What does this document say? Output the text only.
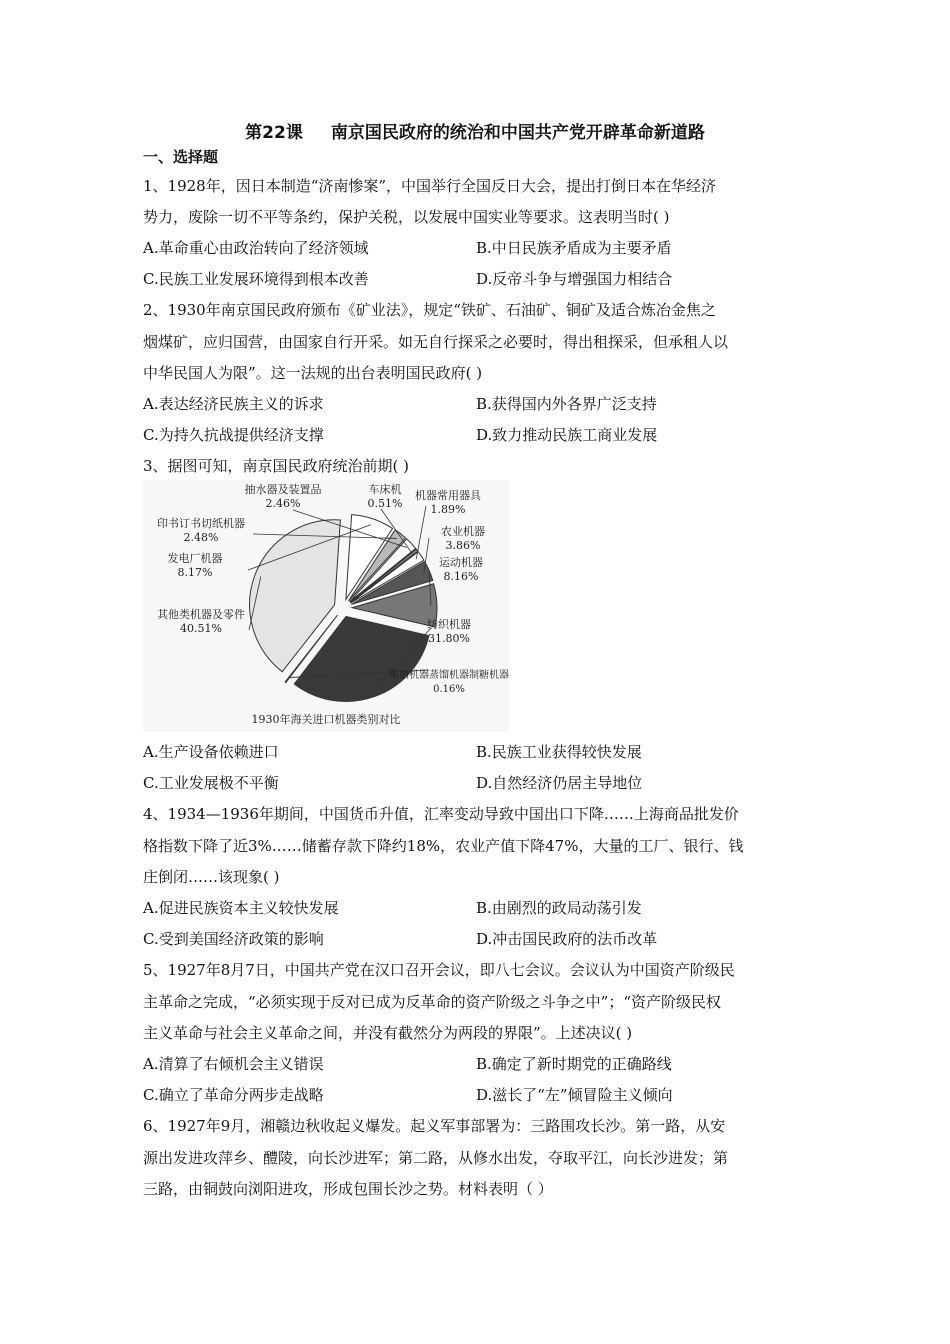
第22课 南京国民政府的统治和中国共产党开辟革命新道路
一、选择题
1、1928年，因日本制造“济南惨案”，中国举行全国反日大会，提出打倒日本在华经济
势力，废除一切不平等条约，保护关税，以发展中国实业等要求。这表明当时( )
A.革命重心由政治转向了经济领域	B.中日民族矛盾成为主要矛盾
C.民族工业发展环境得到根本改善	D.反帝斗争与增强国力相结合
2、1930年南京国民政府颁布《矿业法》，规定“铁矿、石油矿、铜矿及适合炼冶金焦之
烟煤矿，应归国营，由国家自行开采。如无自行探采之必要时，得出租探采，但承租人以
中华民国人为限”。这一法规的出台表明国民政府( )
A.表达经济民族主义的诉求	B.获得国内外各界广泛支持
C.为持久抗战提供经济支撑	D.致力推动民族工商业发展
3、据图可知，南京国民政府统治前期( )
纺织机器
31.80%
酿酒机器蒸馏机器制糖机器
0.16%
其他类机器及零件
40.51%
发电厂机器
8.17%
印书订书切纸机器
2.48%
抽水器及装置品
2.46%
车床机
0.51%
机器常用器具
1.89%
农业机器
3.86%
运动机器
8.16%
1930年海关进口机器类别对比
A.生产设备依赖进口	B.民族工业获得较快发展
C.工业发展极不平衡	D.自然经济仍居主导地位
4、1934—1936年期间，中国货币升值，汇率变动导致中国出口下降……上海商品批发价
格指数下降了近3%……储蓄存款下降约18%，农业产值下降47%，大量的工厂、银行、钱
庄倒闭……该现象( )
A.促进民族资本主义较快发展	B.由剧烈的政局动荡引发
C.受到美国经济政策的影响	D.冲击国民政府的法币改革
5、1927年8月7日，中国共产党在汉口召开会议，即八七会议。会议认为中国资产阶级民
主革命之完成，“必须实现于反对已成为反革命的资产阶级之斗争之中”；“资产阶级民权
主义革命与社会主义革命之间，并没有截然分为两段的界限”。上述决议( )
A.清算了右倾机会主义错误	B.确定了新时期党的正确路线
C.确立了革命分两步走战略	D.滋长了“左”倾冒险主义倾向
6、1927年9月，湘赣边秋收起义爆发。起义军事部署为：三路围攻长沙。第一路，从安
源出发进攻萍乡、醴陵，向长沙进军；第二路，从修水出发，夺取平江，向长沙进发；第
三路，由铜鼓向浏阳进攻，形成包围长沙之势。材料表明（ ）
